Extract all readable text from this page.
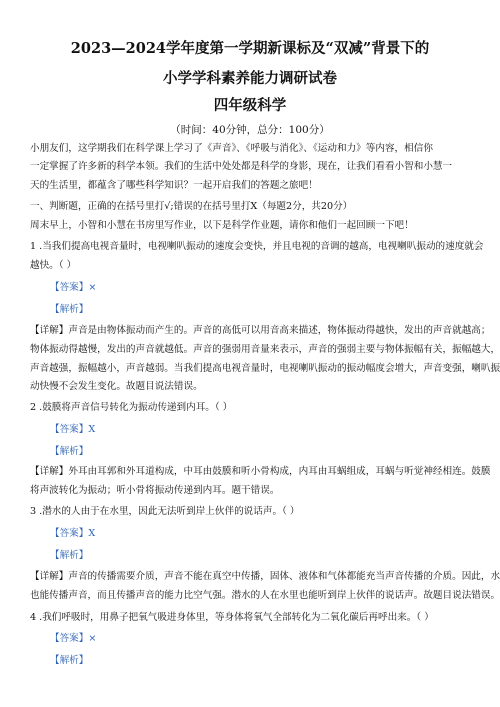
2023—2024学年度第一学期新课标及“双减”背景下的
小学学科素养能力调研试卷
四年级科学
（时间：40分钟，总分：100分）
小朋友们，这学期我们在科学课上学习了《声音》、《呼吸与消化》、《运动和力》等内容，相信你
一定掌握了许多新的科学本领。我们的生活中处处都是科学的身影，现在，让我们看看小智和小慧一
天的生活里，都蕴含了哪些科学知识？一起开启我们的答题之旅吧！
一、判断题，正确的在括号里打√;错误的在括号里打X（每题2分，共20分）
周末早上，小智和小慧在书房里写作业，以下是科学作业题，请你和他们一起回顾一下吧！
1 .当我们提高电视音量时，电视喇叭振动的速度会变快，并且电视的音调的越高，电视喇叭振动的速度就会
越快。（ ）
【答案】×
【解析】
【详解】声音是由物体振动而产生的。声音的高低可以用音高来描述，物体振动得越快，发出的声音就越高；
物体振动得越慢，发出的声音就越低。声音的强弱用音量来表示，声音的强弱主要与物体振幅有关，振幅越大，
声音越强，振幅越小，声音越弱。当我们提高电视音量时，电视喇叭振动的振动幅度会增大，声音变强，喇叭振
动快慢不会发生变化。故题目说法错误。
2 .鼓膜将声音信号转化为振动传递到内耳。（ ）
【答案】X
【解析】
【详解】外耳由耳郭和外耳道构成，中耳由鼓膜和听小骨构成，内耳由耳蜗组成，耳蜗与听觉神经相连。鼓膜
将声波转化为振动；听小骨将振动传递到内耳。题干错误。
3 .潜水的人由于在水里，因此无法听到岸上伙伴的说话声。（ ）
【答案】X
【解析】
【详解】声音的传播需要介质，声音不能在真空中传播，固体、液体和气体都能充当声音传播的介质。因此，水
也能传播声音，而且传播声音的能力比空气强。潜水的人在水里也能听到岸上伙伴的说话声。故题目说法错误。
4 .我们呼吸时，用鼻子把氧气吸进身体里，等身体将氧气全部转化为二氧化碳后再呼出来。（ ）
【答案】×
【解析】
